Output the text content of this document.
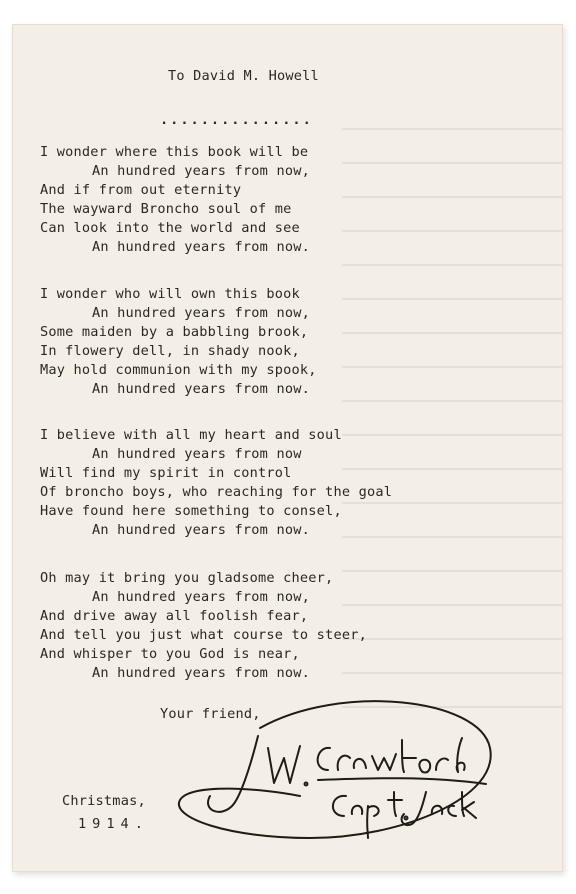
To David M. Howell
...............
I wonder where this book will be
An hundred years from now,
And if from out eternity
The wayward Broncho soul of me
Can look into the world and see
An hundred years from now.
I wonder who will own this book
An hundred years from now,
Some maiden by a babbling brook,
In flowery dell, in shady nook,
May hold communion with my spook,
An hundred years from now.
I believe with all my heart and soul
An hundred years from now
Will find my spirit in control
Of broncho boys, who reaching for the goal
Have found here something to consel,
An hundred years from now.
Oh may it bring you gladsome cheer,
An hundred years from now,
And drive away all foolish fear,
And tell you just what course to steer,
And whisper to you God is near,
An hundred years from now.
Your friend,
Christmas,
1914.
